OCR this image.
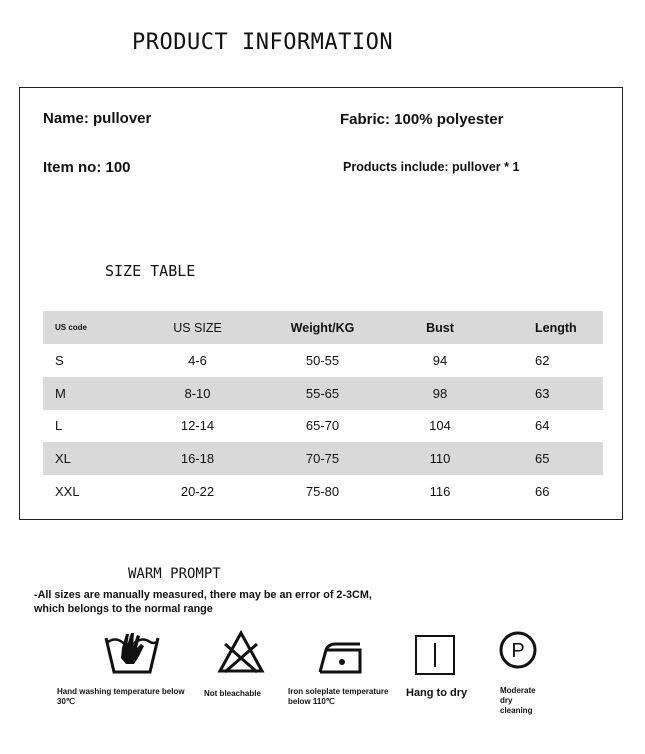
PRODUCT INFORMATION
Name: pullover	Fabric: 100% polyester
Item no: 100	Products include: pullover * 1
SIZE TABLE
US code	US SIZE	Weight/KG	Bust	Length
S	4-6	50-55	94	62
M	8-10	55-65	98	63
L	12-14	65-70	104	64
XL	16-18	70-75	110	65
XXL	20-22	75-80	116	66
WARM PROMPT
-All sizes are manually measured, there may be an error of 2-3CM,
which belongs to the normal range
P
Hand washing temperature below
30℃
Not bleachable	Iron soleplate temperature
below 110℃
Hang to dry	Moderate
dry
cleaning
